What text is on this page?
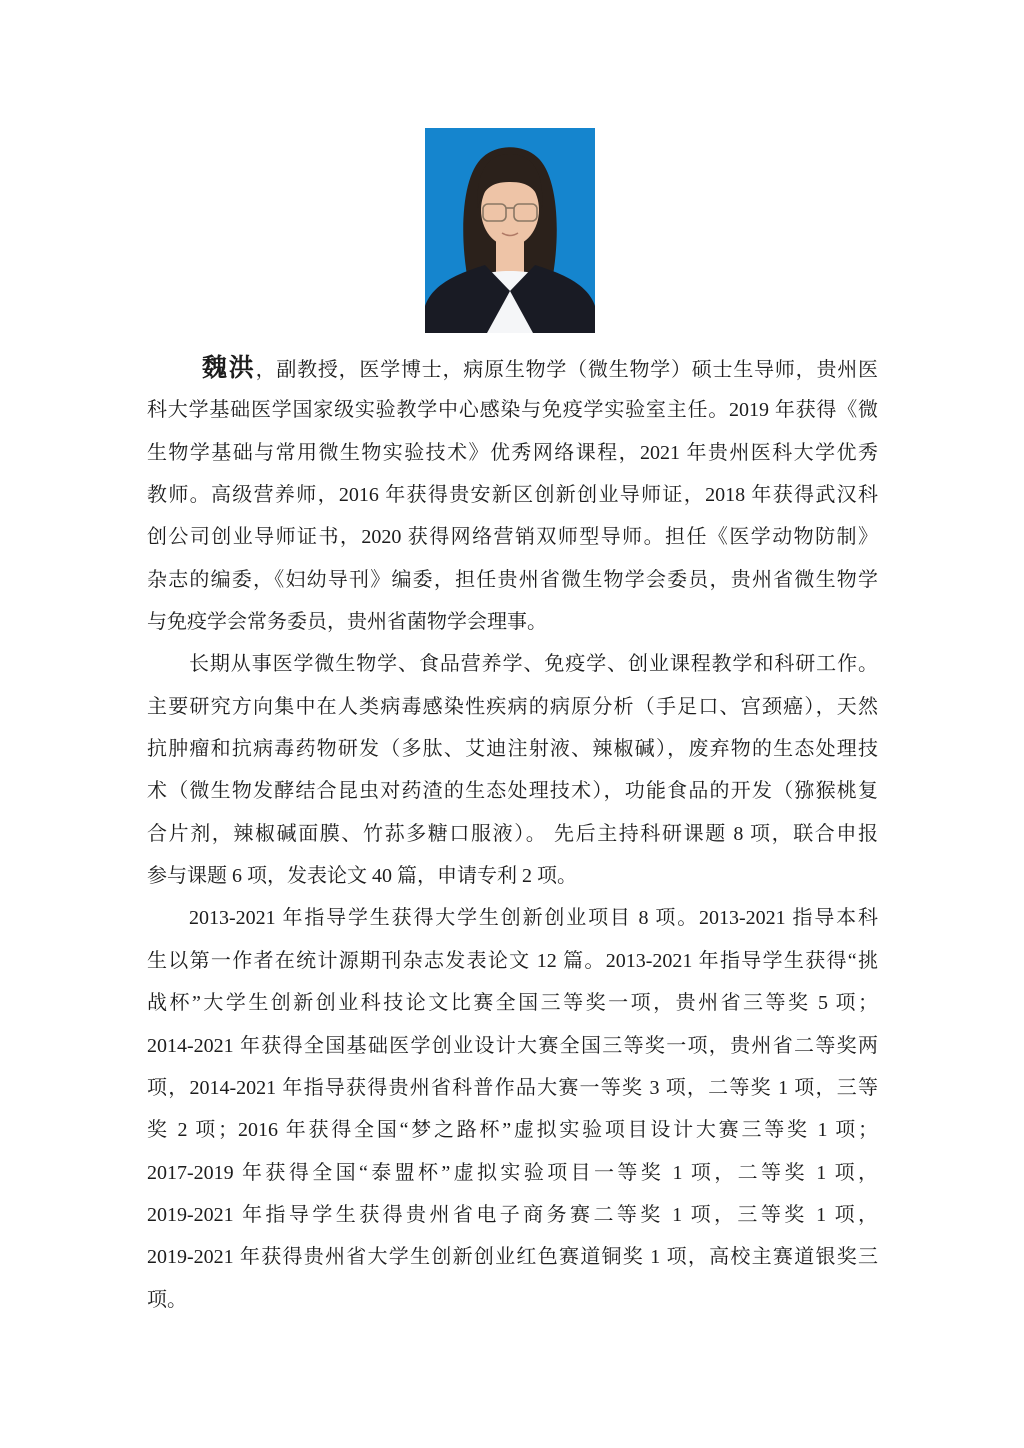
魏洪，副教授，医学博士，病原生物学（微生物学）硕士生导师，贵州医
科大学基础医学国家级实验教学中心感染与免疫学实验室主任。2019 年获得《微
生物学基础与常用微生物实验技术》优秀网络课程，2021 年贵州医科大学优秀
教师。高级营养师，2016 年获得贵安新区创新创业导师证，2018 年获得武汉科
创公司创业导师证书，2020 获得网络营销双师型导师。担任《医学动物防制》
杂志的编委，《妇幼导刊》编委，担任贵州省微生物学会委员，贵州省微生物学
与免疫学会常务委员，贵州省菌物学会理事。
长期从事医学微生物学、食品营养学、免疫学、创业课程教学和科研工作。
主要研究方向集中在人类病毒感染性疾病的病原分析（手足口、宫颈癌），天然
抗肿瘤和抗病毒药物研发（多肽、艾迪注射液、辣椒碱），废弃物的生态处理技
术（微生物发酵结合昆虫对药渣的生态处理技术），功能食品的开发（猕猴桃复
合片剂，辣椒碱面膜、竹荪多糖口服液）。 先后主持科研课题 8 项，联合申报
参与课题 6 项，发表论文 40 篇，申请专利 2 项。
2013-2021 年指导学生获得大学生创新创业项目 8 项。2013-2021 指导本科
生以第一作者在统计源期刊杂志发表论文 12 篇。2013-2021 年指导学生获得“挑
战杯”大学生创新创业科技论文比赛全国三等奖一项，贵州省三等奖 5 项；
2014-2021 年获得全国基础医学创业设计大赛全国三等奖一项，贵州省二等奖两
项，2014-2021 年指导获得贵州省科普作品大赛一等奖 3 项，二等奖 1 项，三等
奖 2 项；2016 年获得全国“梦之路杯”虚拟实验项目设计大赛三等奖 1 项；
2017-2019 年获得全国“泰盟杯”虚拟实验项目一等奖 1 项，二等奖 1 项，
2019-2021 年指导学生获得贵州省电子商务赛二等奖 1 项，三等奖 1 项，
2019-2021 年获得贵州省大学生创新创业红色赛道铜奖 1 项，高校主赛道银奖三
项。
